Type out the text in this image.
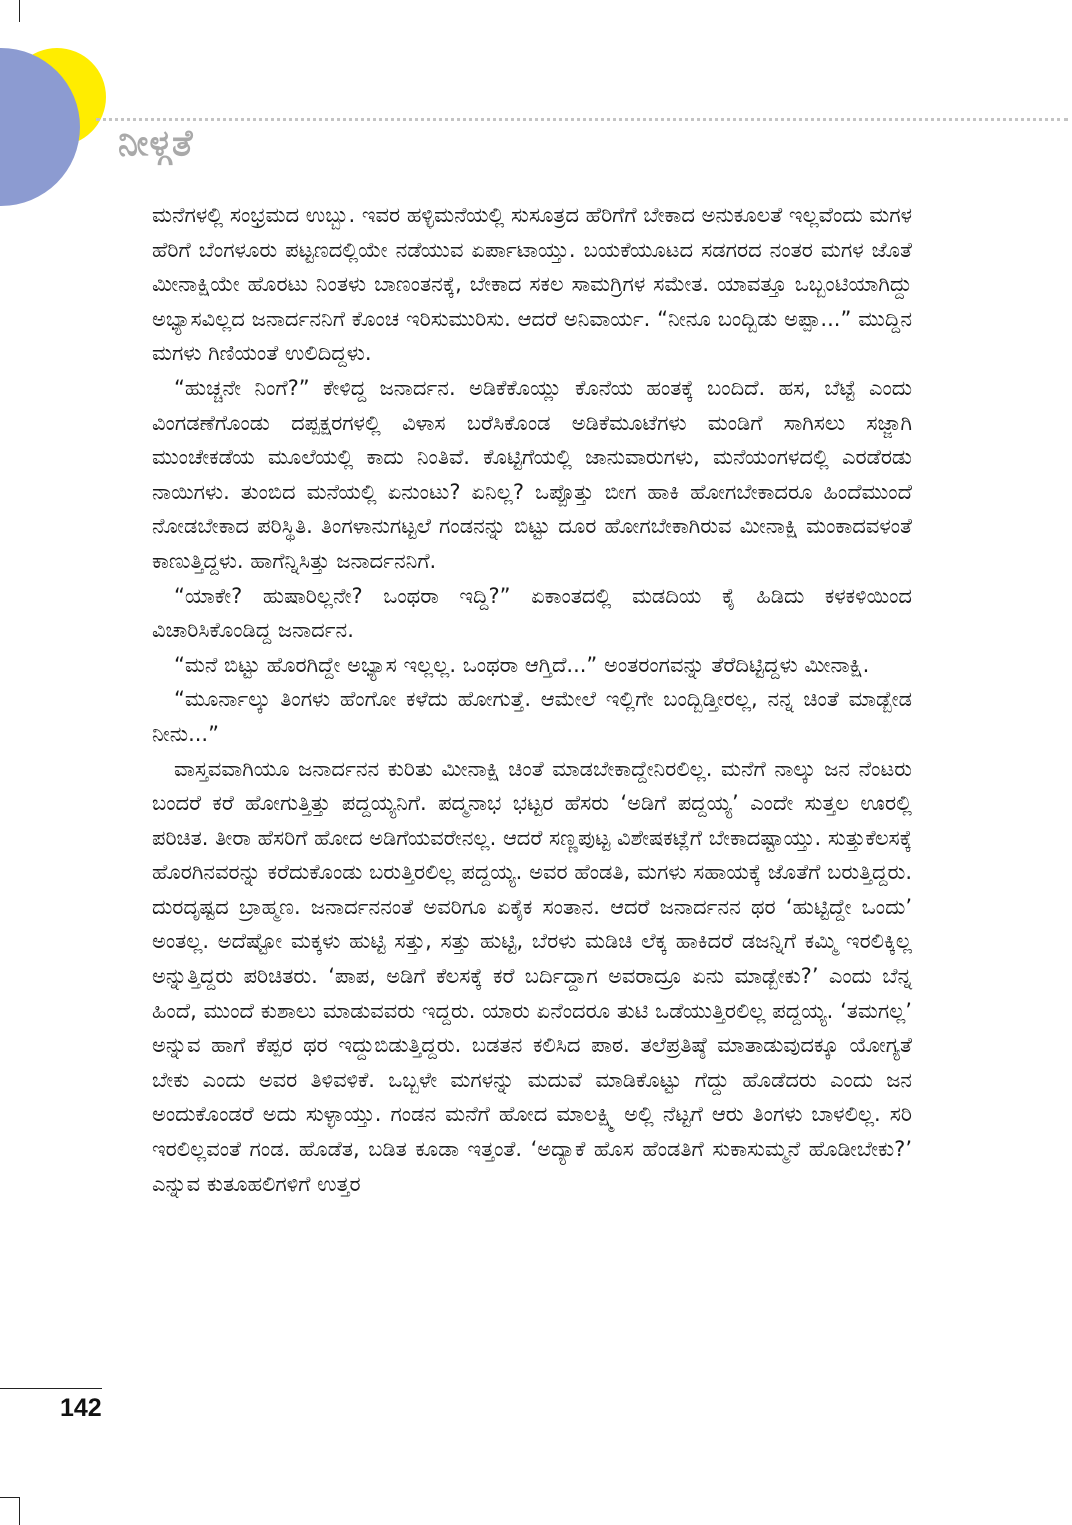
ನೀಳ್ಗತೆ

ಮನೆಗಳಲ್ಲಿ ಸಂಭ್ರಮದ ಉಬ್ಬು. ಇವರ ಹಳ್ಳಿಮನೆಯಲ್ಲಿ ಸುಸೂತ್ರದ ಹೆರಿಗೆಗೆ ಬೇಕಾದ ಅನುಕೂಲತೆ ಇಲ್ಲವೆಂದು ಮಗಳ ಹೆರಿಗೆ ಬೆಂಗಳೂರು ಪಟ್ಟಣದಲ್ಲಿಯೇ ನಡೆಯುವ ಏರ್ಪಾಟಾಯ್ತು. ಬಯಕೆಯೂಟದ ಸಡಗರದ ನಂತರ ಮಗಳ ಜೊತೆ ಮೀನಾಕ್ಷಿಯೇ ಹೊರಟು ನಿಂತಳು ಬಾಣಂತನಕ್ಕೆ, ಬೇಕಾದ ಸಕಲ ಸಾಮಗ್ರಿಗಳ ಸಮೇತ. ಯಾವತ್ತೂ ಒಬ್ಬಂಟಿಯಾಗಿದ್ದು ಅಭ್ಯಾಸವಿಲ್ಲದ ಜನಾರ್ದನನಿಗೆ ಕೊಂಚ ಇರಿಸುಮುರಿಸು. ಆದರೆ ಅನಿವಾರ್ಯ. “ನೀನೂ ಬಂದ್ಬಿಡು ಅಪ್ಪಾ...” ಮುದ್ದಿನ ಮಗಳು ಗಿಣಿಯಂತೆ ಉಲಿದಿದ್ದಳು.

“ಹುಚ್ಚನೇ ನಿಂಗೆ?” ಕೇಳಿದ್ದ ಜನಾರ್ದನ. ಅಡಿಕೆಕೊಯ್ಲು ಕೊನೆಯ ಹಂತಕ್ಕೆ ಬಂದಿದೆ. ಹಸ, ಬೆಟ್ಟೆ ಎಂದು ವಿಂಗಡಣೆಗೊಂಡು ದಪ್ಪಕ್ಷರಗಳಲ್ಲಿ ವಿಳಾಸ ಬರೆಸಿಕೊಂಡ ಅಡಿಕೆಮೂಟೆಗಳು ಮಂಡಿಗೆ ಸಾಗಿಸಲು ಸಜ್ಜಾಗಿ ಮುಂಚೇಕಡೆಯ ಮೂಲೆಯಲ್ಲಿ ಕಾದು ನಿಂತಿವೆ. ಕೊಟ್ಟಿಗೆಯಲ್ಲಿ ಜಾನುವಾರುಗಳು, ಮನೆಯಂಗಳದಲ್ಲಿ ಎರಡೆರಡು ನಾಯಿಗಳು. ತುಂಬಿದ ಮನೆಯಲ್ಲಿ ಏನುಂಟು? ಏನಿಲ್ಲ? ಒಪ್ಪೊತ್ತು ಬೀಗ ಹಾಕಿ ಹೋಗಬೇಕಾದರೂ ಹಿಂದೆಮುಂದೆ ನೋಡಬೇಕಾದ ಪರಿಸ್ಥಿತಿ. ತಿಂಗಳಾನುಗಟ್ಟಲೆ ಗಂಡನನ್ನು ಬಿಟ್ಟು ದೂರ ಹೋಗಬೇಕಾಗಿರುವ ಮೀನಾಕ್ಷಿ ಮಂಕಾದವಳಂತೆ ಕಾಣುತ್ತಿದ್ದಳು. ಹಾಗೆನ್ನಿಸಿತ್ತು ಜನಾರ್ದನನಿಗೆ.

“ಯಾಕೇ? ಹುಷಾರಿಲ್ಲನೇ? ಒಂಥರಾ ಇದ್ದಿ?” ಏಕಾಂತದಲ್ಲಿ ಮಡದಿಯ ಕೈ ಹಿಡಿದು ಕಳಕಳಿಯಿಂದ ವಿಚಾರಿಸಿಕೊಂಡಿದ್ದ ಜನಾರ್ದನ.

“ಮನೆ ಬಿಟ್ಟು ಹೊರಗಿದ್ದೇ ಅಭ್ಯಾಸ ಇಲ್ಲಲ್ಲ. ಒಂಥರಾ ಆಗ್ತಿದೆ...” ಅಂತರಂಗವನ್ನು ತೆರೆದಿಟ್ಟಿದ್ದಳು ಮೀನಾಕ್ಷಿ.

“ಮೂರ್ನಾಲ್ಕು ತಿಂಗಳು ಹೆಂಗೋ ಕಳೆದು ಹೋಗುತ್ತೆ. ಆಮೇಲೆ ಇಲ್ಲಿಗೇ ಬಂದ್ಬಿಡ್ತೀರಲ್ಲ, ನನ್ನ ಚಿಂತೆ ಮಾಡ್ಬೇಡ ನೀನು...”

ವಾಸ್ತವವಾಗಿಯೂ ಜನಾರ್ದನನ ಕುರಿತು ಮೀನಾಕ್ಷಿ ಚಿಂತೆ ಮಾಡಬೇಕಾದ್ದೇನಿರಲಿಲ್ಲ. ಮನೆಗೆ ನಾಲ್ಕು ಜನ ನೆಂಟರು ಬಂದರೆ ಕರೆ ಹೋಗುತ್ತಿತ್ತು ಪದ್ದಯ್ಯನಿಗೆ. ಪದ್ಮನಾಭ ಭಟ್ಟರ ಹೆಸರು ‘ಅಡಿಗೆ ಪದ್ದಯ್ಯ’ ಎಂದೇ ಸುತ್ತಲ ಊರಲ್ಲಿ ಪರಿಚಿತ. ತೀರಾ ಹೆಸರಿಗೆ ಹೋದ ಅಡಿಗೆಯವರೇನಲ್ಲ. ಆದರೆ ಸಣ್ಣಪುಟ್ಟ ವಿಶೇಷಕಟ್ಲೆಗೆ ಬೇಕಾದಷ್ಟಾಯ್ತು. ಸುತ್ತುಕೆಲಸಕ್ಕೆ ಹೊರಗಿನವರನ್ನು ಕರೆದುಕೊಂಡು ಬರುತ್ತಿರಲಿಲ್ಲ ಪದ್ದಯ್ಯ. ಅವರ ಹೆಂಡತಿ, ಮಗಳು ಸಹಾಯಕ್ಕೆ ಜೊತೆಗೆ ಬರುತ್ತಿದ್ದರು. ದುರದೃಷ್ಟದ ಬ್ರಾಹ್ಮಣ. ಜನಾರ್ದನನಂತೆ ಅವರಿಗೂ ಏಕೈಕ ಸಂತಾನ. ಆದರೆ ಜನಾರ್ದನನ ಥರ ‘ಹುಟ್ಟಿದ್ದೇ ಒಂದು’ ಅಂತಲ್ಲ. ಅದೆಷ್ಟೋ ಮಕ್ಕಳು ಹುಟ್ಟಿ ಸತ್ತು, ಸತ್ತು ಹುಟ್ಟಿ, ಬೆರಳು ಮಡಿಚಿ ಲೆಕ್ಕ ಹಾಕಿದರೆ ಡಜನ್ನಿಗೆ ಕಮ್ಮಿ ಇರಲಿಕ್ಕಿಲ್ಲ ಅನ್ನುತ್ತಿದ್ದರು ಪರಿಚಿತರು. ‘ಪಾಪ, ಅಡಿಗೆ ಕೆಲಸಕ್ಕೆ ಕರೆ ಬರ್ದಿದ್ದಾಗ ಅವರಾದ್ರೂ ಏನು ಮಾಡ್ಬೇಕು?’ ಎಂದು ಬೆನ್ನ ಹಿಂದೆ, ಮುಂದೆ ಕುಶಾಲು ಮಾಡುವವರು ಇದ್ದರು. ಯಾರು ಏನೆಂದರೂ ತುಟಿ ಒಡೆಯುತ್ತಿರಲಿಲ್ಲ ಪದ್ದಯ್ಯ. ‘ತಮಗಲ್ಲ’ ಅನ್ನುವ ಹಾಗೆ ಕೆಪ್ಪರ ಥರ ಇದ್ದುಬಿಡುತ್ತಿದ್ದರು. ಬಡತನ ಕಲಿಸಿದ ಪಾಠ. ತಲೆಪ್ರತಿಷ್ಠೆ ಮಾತಾಡುವುದಕ್ಕೂ ಯೋಗ್ಯತೆ ಬೇಕು ಎಂದು ಅವರ ತಿಳಿವಳಿಕೆ. ಒಬ್ಬಳೇ ಮಗಳನ್ನು ಮದುವೆ ಮಾಡಿಕೊಟ್ಟು ಗೆದ್ದು ಹೊಡೆದರು ಎಂದು ಜನ ಅಂದುಕೊಂಡರೆ ಅದು ಸುಳ್ಳಾಯ್ತು. ಗಂಡನ ಮನೆಗೆ ಹೋದ ಮಾಲಕ್ಷ್ಮಿ ಅಲ್ಲಿ ನೆಟ್ಟಗೆ ಆರು ತಿಂಗಳು ಬಾಳಲಿಲ್ಲ. ಸರಿ ಇರಲಿಲ್ಲವಂತೆ ಗಂಡ. ಹೊಡೆತ, ಬಡಿತ ಕೂಡಾ ಇತ್ತಂತೆ. ‘ಅದ್ಯಾಕೆ ಹೊಸ ಹೆಂಡತಿಗೆ ಸುಕಾಸುಮ್ಮನೆ ಹೊಡೀಬೇಕು?’ ಎನ್ನುವ ಕುತೂಹಲಿಗಳಿಗೆ ಉತ್ತರ

142
